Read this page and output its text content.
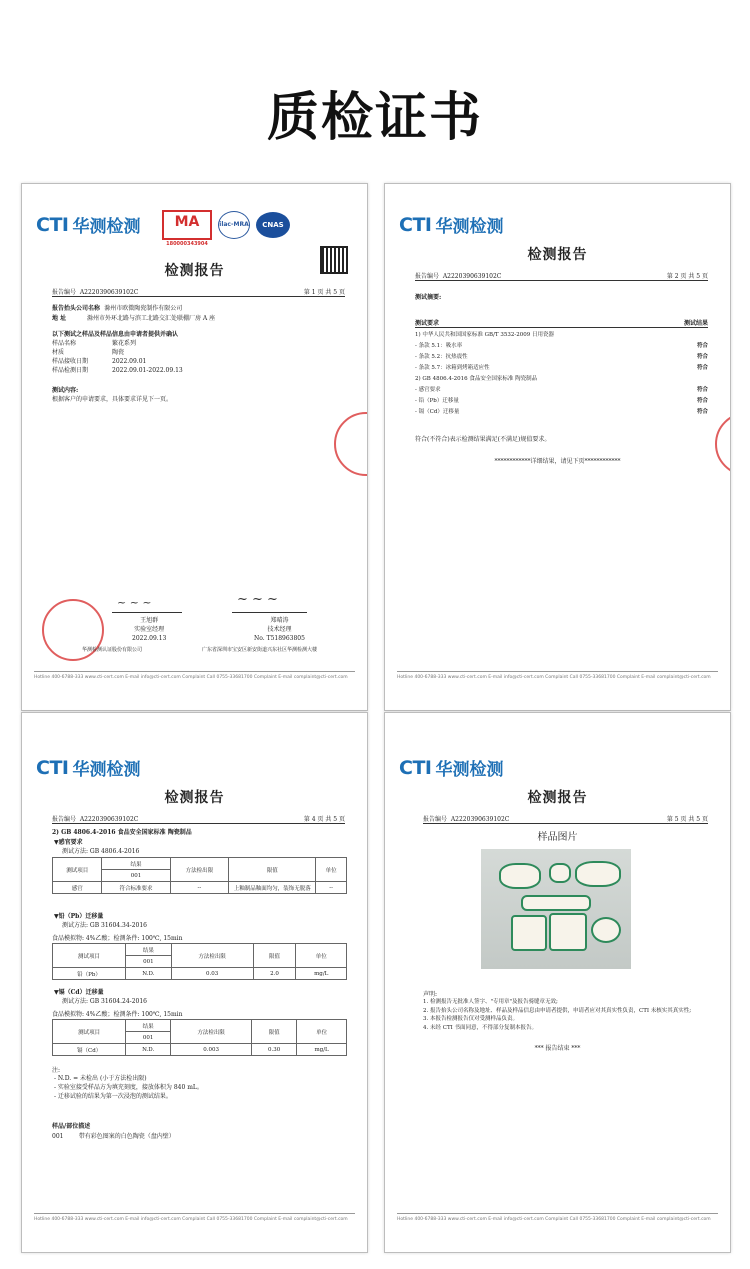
质检证书
CTI 华测检测	MA
180000343904
ilac-MRA	CNAS
检测报告
报告编号 A2220390639102C	第 1 页 共 5 页
报告抬头公司名称 滁州市欧微陶瓷制作有限公司
地 址	滁州市外环北路与滨工北路交汇处联棚厂房 A 座
以下测试之样品及样品信息由申请者提供并确认
样品名称	繁花系列
材质	陶瓷
样品接收日期	2022.09.01
样品检测日期	2022.09.01-2022.09.13
测试内容:
根据客户的申请要求，具体要求详见下一页。
~ ~ ~	~ ~ ~
王旭群
实验室经理
2022.09.13
郑晴涛
技术经理
No. T518963805
华测检测认证股份有限公司	广东省深圳市宝安区新安街道兴东社区华测检测大楼
Hotline 400-6788-333 www.cti-cert.com E-mail info@cti-cert.com Complaint Call 0755-33681700 Complaint E-mail complaint@cti-cert.com
CTI 华测检测
检测报告
报告编号 A2220390639102C	第 2 页 共 5 页
测试摘要:
测试要求	测试结果
1) 中华人民共和国国家标准 GB/T 3532-2009 日用瓷器
- 条款 5.1：吸水率	符合
- 条款 5.2：抗热震性	符合
- 条款 5.7：冰箱到烤箱适应性	符合
2) GB 4806.4-2016 食品安全国家标准 陶瓷制品
- 感官要求	符合
- 铅（Pb）迁移量	符合
- 镉（Cd）迁移量	符合
符合(不符合)表示检测结果满足(不满足)规值要求。
************详细结果，请见下页************
Hotline 400-6788-333 www.cti-cert.com E-mail info@cti-cert.com Complaint Call 0755-33681700 Complaint E-mail complaint@cti-cert.com
CTI 华测检测
检测报告
报告编号 A2220390639102C	第 4 页 共 5 页
2) GB 4806.4-2016 食品安全国家标准 陶瓷制品
▼感官要求
测试方法: GB 4806.4-2016
测试项目	结果	方法检出限	限值	单位
	001			
感官	符合标准要求	--	上釉制品釉面均匀，装饰无脱落	--
▼铅（Pb）迁移量
测试方法: GB 31604.34-2016
食品模拟物: 4%乙酸；检测条件: 100℃, 15min
测试项目	结果	方法检出限	限值	单位
	001			
铅（Pb）	N.D.	0.03	2.0	mg/L
▼镉（Cd）迁移量
测试方法: GB 31604.24-2016
食品模拟物: 4%乙酸；检测条件: 100℃, 15min
测试项目	结果	方法检出限	限值	单位
	001			
镉（Cd）	N.D.	0.003	0.30	mg/L
注:
- N.D. = 未检出 (小于方法检出限)
- 实验室接受样品方为填充刻度，接放体积为 840 mL。
- 迁移试验的结果为第一次浸泡的测试结果。
样品/部位描述
001	带有彩色图案的白色陶瓷（盘内壁）
Hotline 400-6788-333 www.cti-cert.com E-mail info@cti-cert.com Complaint Call 0755-33681700 Complaint E-mail complaint@cti-cert.com
CTI 华测检测
检测报告
报告编号 A2220390639102C	第 5 页 共 5 页
样品图片
声明:
1. 检测报告无批准人签字、"专用章"及报告骑缝章无效;
2. 报告抬头公司名称及地址、样品及样品信息由申请者提供，申请者应对其真实性负责，CTI 未核实其真实性;
3. 本报告检测报告仅对受测样品负责。
4. 未经 CTI 书面同意，不得部分复制本报告。
*** 报告结束 ***
Hotline 400-6788-333 www.cti-cert.com E-mail info@cti-cert.com Complaint Call 0755-33681700 Complaint E-mail complaint@cti-cert.com
